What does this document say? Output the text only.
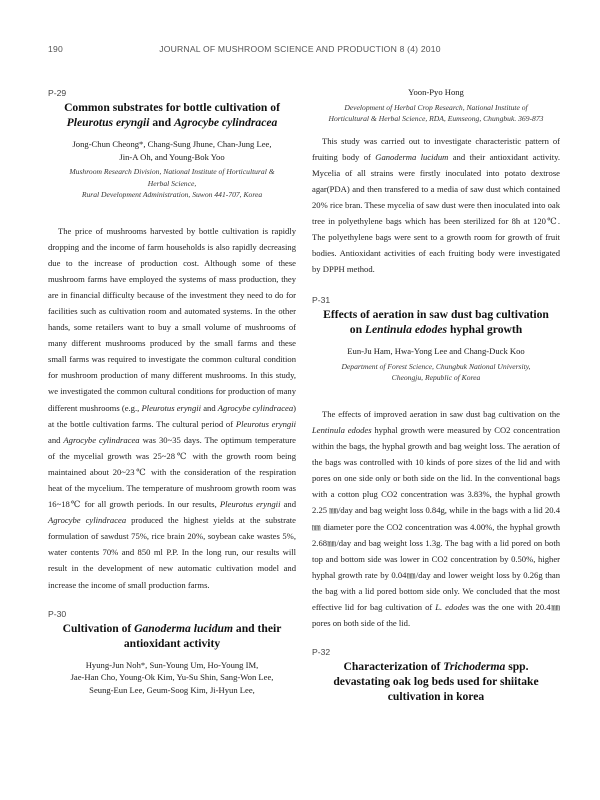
190	JOURNAL OF MUSHROOM SCIENCE AND PRODUCTION 8 (4) 2010
P-29
Common substrates for bottle cultivation of
Pleurotus eryngii and Agrocybe cylindracea
Jong-Chun Cheong*, Chang-Sung Jhune, Chan-Jung Lee,
Jin-A Oh, and Young-Bok Yoo
Mushroom Research Division, National Institute of Horticultural &
Herbal Science,
Rural Development Administration, Suwon 441-707, Korea

The price of mushrooms harvested by bottle cultivation is rapidly dropping and the income of farm households is also rapidly decreasing due to the increase of production cost. Although some of these mushroom farms have employed the systems of mass production, they are in financial difficulty because of the investment they need to do for facilities such as cultivation room and automated systems. In the other hands, some retailers want to buy a small volume of mushrooms of many different mushrooms produced by the small farms and these small farms was required to investigate the common cultural condition for mushroom production of many different mushrooms. In this study, we investigated the common cultural conditions for production of many different mushrooms (e.g., Pleurotus eryngii and Agrocybe cylindracea) at the bottle cultivation farms. The cultural period of Pleurotus eryngii and Agrocybe cylindracea was 30~35 days. The optimum temperature of the mycelial growth was 25~28℃ with the growth room being maintained about 20~23℃ with the consideration of the respiration heat of the mycelium. The temperature of mushroom growth room was 16~18℃ for all growth periods. In our results, Pleurotus eryngii and Agrocybe cylindracea produced the highest yields at the substrate formulation of sawdust 75%, rice brain 20%, soybean cake wastes 5%, water contents 70% and 850 ml P.P. In the long run, our results will result in the development of new automatic cultivation model and increase the income of small production farms.

P-30
Cultivation of Ganoderma lucidum and their antioxidant activity
Hyung-Jun Noh*, Sun-Young Um, Ho-Young IM,
Jae-Han Cho, Young-Ok Kim, Yu-Su Shin, Sang-Won Lee,
Seung-Eun Lee, Geum-Soog Kim, Ji-Hyun Lee,
Yoon-Pyo Hong
Development of Herbal Crop Research, National Institute of
Horticultural & Herbal Science, RDA, Eumseong, Chungbuk. 369-873

This study was carried out to investigate characteristic pattern of fruiting body of Ganoderma lucidum and their antioxidant activity. Mycelia of all strains were firstly inoculated into potato dextrose agar(PDA) and then transfered to a media of saw dust which contained 20% rice bran. These mycelia of saw dust were then inoculated into oak tree in polyethylene bags which has been sterilized for 8h at 120℃. The polyethylene bags were sent to a growth room for growth of fruit bodies. Antioxidant activities of each fruiting body were investigated by DPPH method.

P-31
Effects of aeration in saw dust bag cultivation
on Lentinula edodes hyphal growth
Eun-Ju Ham, Hwa-Yong Lee and Chang-Duck Koo
Department of Forest Science, Chungbuk National University,
Cheongju, Republic of Korea

The effects of improved aeration in saw dust bag cultivation on the Lentinula edodes hyphal growth were measured by CO2 concentration within the bags, the hyphal growth and bag weight loss. The aeration of the bags was controlled with 10 kinds of pore sizes of the lid and with pores on one side only or both side on the lid. In the conventional bags with a cotton plug CO2 concentration was 3.83%, the hyphal growth 2.25 ㎜/day and bag weight loss 0.84g, while in the bags with a lid 20.4㎜ diameter pore the CO2 concentration was 4.00%, the hyphal growth 2.68㎜/day and bag weight loss 1.3g. The bag with a lid pored on both top and bottom side was lower in CO2 concentration by 0.50%, higher hyphal growth rate by 0.04㎜/day and lower weight loss by 0.26g than the bag with a lid pored bottom side only. We concluded that the most effective lid for bag cultivation of L. edodes was the one with 20.4㎜ pores on both side of the lid.

P-32
Characterization of Trichoderma spp.
devastating oak log beds used for shiitake
cultivation in korea
